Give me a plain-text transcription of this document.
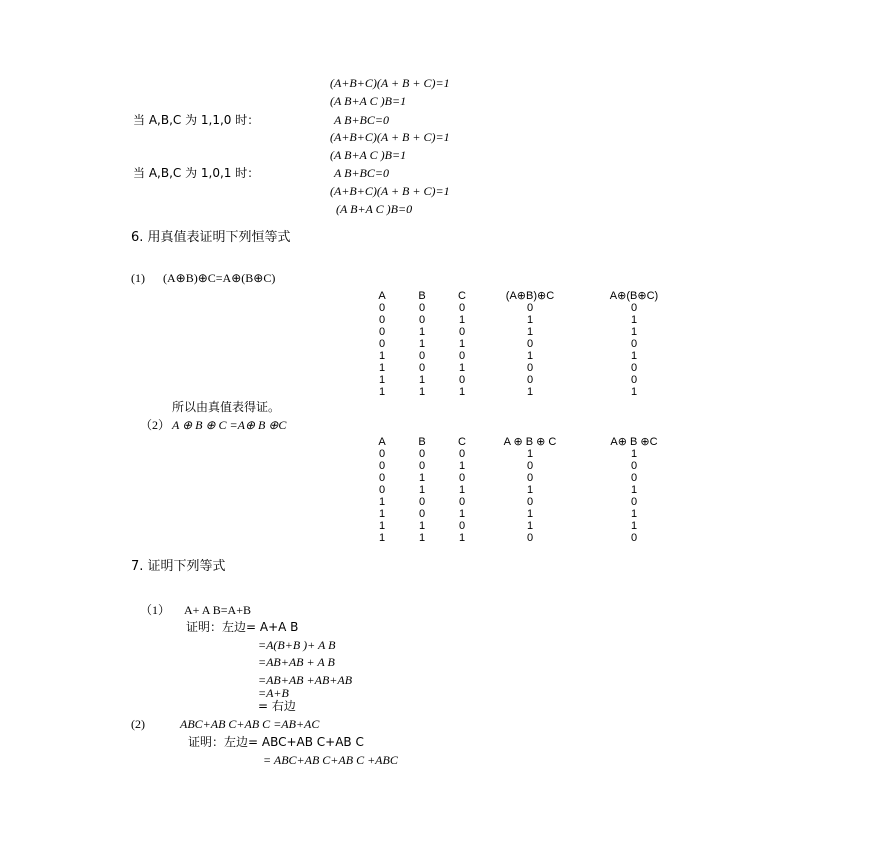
(A+B+C)(A + B + C)=1
(A B+A C )B=1
当 A,B,C 为 1,1,0 时：	A B+BC=0
(A+B+C)(A + B + C)=1
(A B+A C )B=1
当 A,B,C 为 1,0,1 时：	A B+BC=0
(A+B+C)(A + B + C)=1
(A B+A C )B=0
6. 用真值表证明下列恒等式
(1) (A⊕B)⊕C=A⊕(B⊕C)
A	B	C	(A⊕B)⊕C	A⊕(B⊕C)
0	0	0	0	0
0	0	1	1	1
0	1	0	1	1
0	1	1	0	0
1	0	0	1	1
1	0	1	0	0
1	1	0	0	0
1	1	1	1	1
所以由真值表得证。
（2） A ⊕ B ⊕ C =A⊕ B ⊕C
A	B	C	A ⊕ B ⊕ C	A⊕ B ⊕C
0	0	0	1	1
0	0	1	0	0
0	1	0	0	0
0	1	1	1	1
1	0	0	0	0
1	0	1	1	1
1	1	0	1	1
1	1	1	0	0
7. 证明下列等式
（1） A+ A B=A+B
证明：左边= A+A B
=A(B+B )+ A B
=AB+AB + A B
=AB+AB +AB+AB
=A+B
= 右边
(2)	ABC+AB C+AB C =AB+AC
证明：左边= ABC+AB C+AB C
= ABC+AB C+AB C +ABC
